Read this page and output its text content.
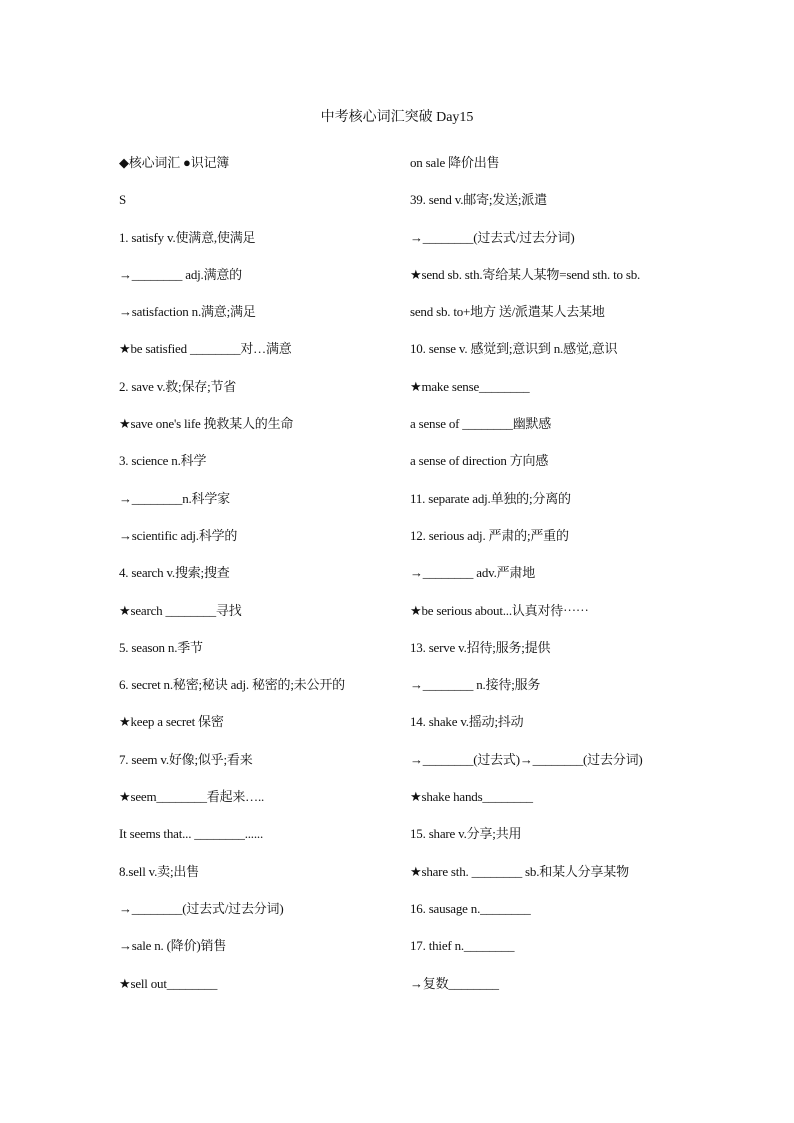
中考核心词汇突破 Day15
◆核心词汇 ●识记簿
S
1. satisfy v.使满意,使满足
→________ adj.满意的
→satisfaction n.满意;满足
★be satisfied ________对…满意
2. save v.救;保存;节省
★save one's life 挽救某人的生命
3. science n.科学
→________n.科学家
→scientific adj.科学的
4. search v.搜索;搜查
★search ________寻找
5. season n.季节
6. secret n.秘密;秘诀 adj. 秘密的;未公开的
★keep a secret 保密
7. seem v.好像;似乎;看来
★seem________看起来…..
It seems that... ________......
8.sell v.卖;出售
→________(过去式/过去分词)
→sale n. (降价)销售
★sell out________
on sale 降价出售
39. send v.邮寄;发送;派遣
→________(过去式/过去分词)
★send sb. sth.寄给某人某物=send sth. to sb.
send sb. to+地方 送/派遣某人去某地
10. sense v. 感觉到;意识到 n.感觉,意识
★make sense________
a sense of ________幽默感
a sense of direction 方向感
11. separate adj.单独的;分离的
12. serious adj. 严肃的;严重的
→________ adv.严肃地
★be serious about...认真对待⋯⋯
13. serve v.招待;服务;提供
→________ n.接待;服务
14. shake v.摇动;抖动
→________(过去式)→________(过去分词)
★shake hands________
15. share v.分享;共用
★share sth. ________ sb.和某人分享某物
16. sausage n.________
17. thief n.________
→复数________
